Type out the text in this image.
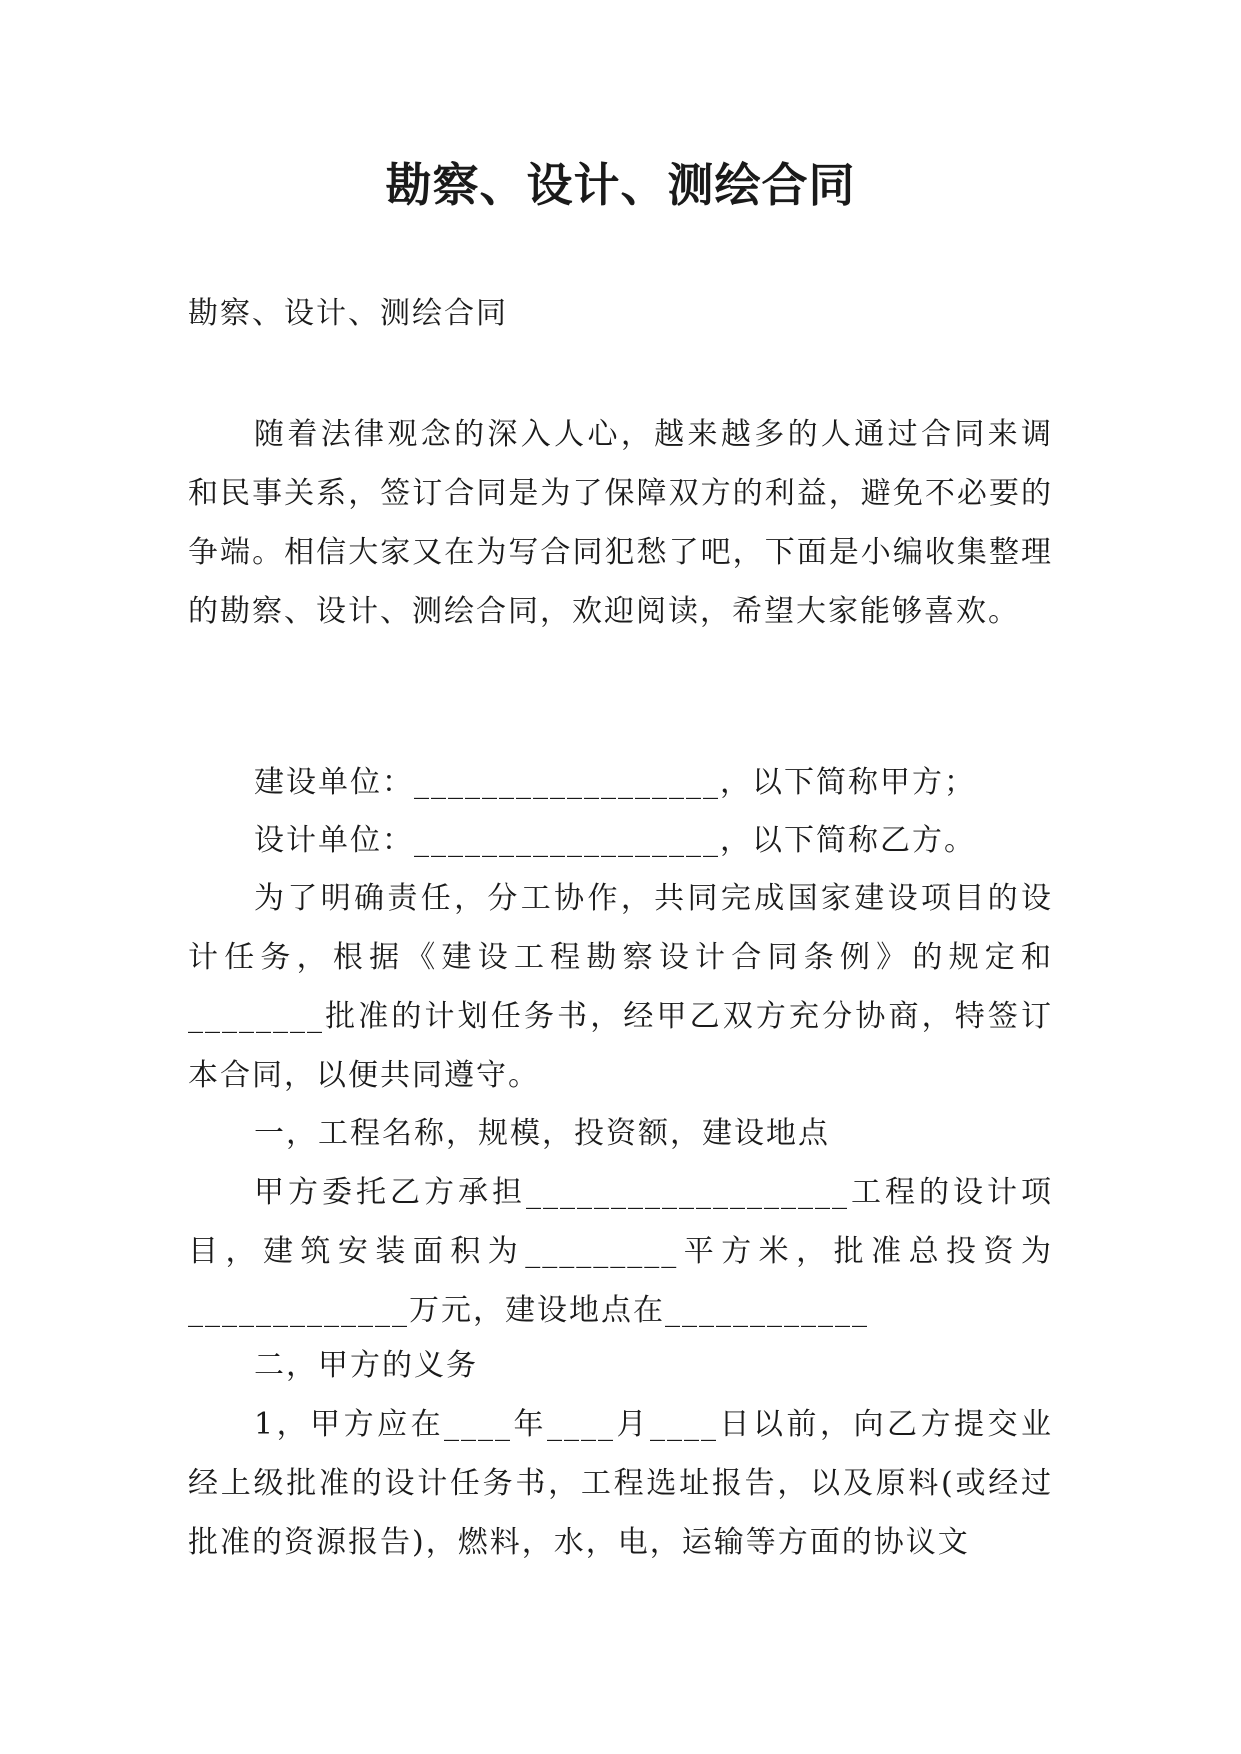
勘察、设计、测绘合同

勘察、设计、测绘合同

随着法律观念的深入人心，越来越多的人通过合同来调和民事关系，签订合同是为了保障双方的利益，避免不必要的争端。相信大家又在为写合同犯愁了吧，下面是小编收集整理的勘察、设计、测绘合同，欢迎阅读，希望大家能够喜欢。

建设单位：__________________，以下简称甲方；

设计单位：__________________，以下简称乙方。

为了明确责任，分工协作，共同完成国家建设项目的设计任务，根据《建设工程勘察设计合同条例》的规定和________批准的计划任务书，经甲乙双方充分协商，特签订本合同，以便共同遵守。

一，工程名称，规模，投资额，建设地点

甲方委托乙方承担___________________工程的设计项目，建筑安装面积为_________平方米，批准总投资为_____________万元，建设地点在____________

二，甲方的义务

1，甲方应在____年____月____日以前，向乙方提交业经上级批准的设计任务书，工程选址报告，以及原料(或经过批准的资源报告)，燃料，水，电，运输等方面的协议文
